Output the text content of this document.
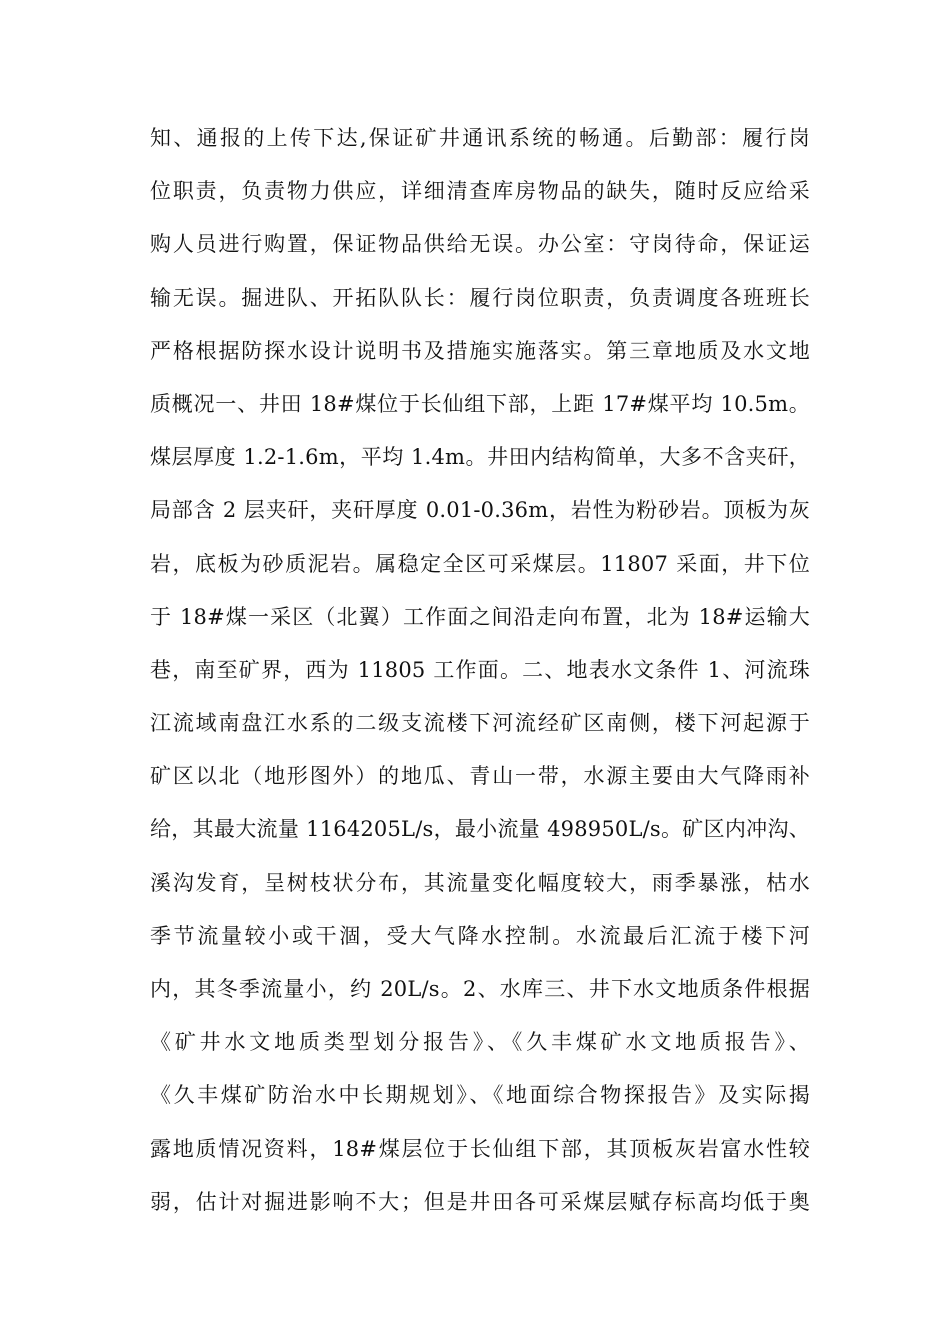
知、通报的上传下达,保证矿井通讯系统的畅通。后勤部：履行岗
位职责，负责物力供应，详细清查库房物品的缺失，随时反应给采
购人员进行购置，保证物品供给无误。办公室：守岗待命，保证运
输无误。掘进队、开拓队队长：履行岗位职责，负责调度各班班长
严格根据防探水设计说明书及措施实施落实。第三章地质及水文地
质概况一、井田 18#煤位于长仙组下部，上距 17#煤平均 10.5m。
煤层厚度 1.2-1.6m，平均 1.4m。井田内结构简单，大多不含夹矸，
局部含 2 层夹矸，夹矸厚度 0.01-0.36m，岩性为粉砂岩。顶板为灰
岩，底板为砂质泥岩。属稳定全区可采煤层。11807 采面，井下位
于 18#煤一采区（北翼）工作面之间沿走向布置，北为 18#运输大
巷，南至矿界，西为 11805 工作面。二、地表水文条件 1、河流珠
江流域南盘江水系的二级支流楼下河流经矿区南侧，楼下河起源于
矿区以北（地形图外）的地瓜、青山一带，水源主要由大气降雨补
给，其最大流量 1164205L/s，最小流量 498950L/s。矿区内冲沟、
溪沟发育，呈树枝状分布，其流量变化幅度较大，雨季暴涨，枯水
季节流量较小或干涸，受大气降水控制。水流最后汇流于楼下河
内，其冬季流量小，约 20L/s。2、水库三、井下水文地质条件根据
《矿井水文地质类型划分报告》、《久丰煤矿水文地质报告》、
《久丰煤矿防治水中长期规划》、《地面综合物探报告》及实际揭
露地质情况资料，18#煤层位于长仙组下部，其顶板灰岩富水性较
弱，估计对掘进影响不大；但是井田各可采煤层赋存标高均低于奥
